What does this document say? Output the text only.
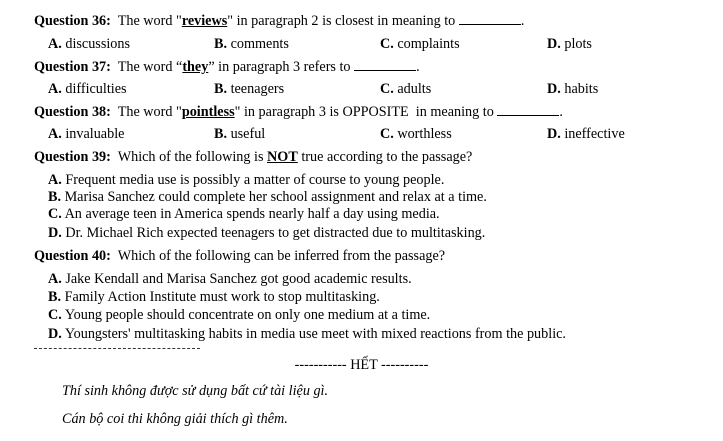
Question 36: The word "reviews" in paragraph 2 is closest in meaning to	.
A. discussions	B. comments	C. complaints	D. plots
Question 37: The word “they” in paragraph 3 refers to	.
A. difficulties	B. teenagers	C. adults	D. habits
Question 38: The word "pointless" in paragraph 3 is OPPOSITE  in meaning to	.
A. invaluable	B. useful	C. worthless	D. ineffective
Question 39: Which of the following is NOT true according to the passage?
A. Frequent media use is possibly a matter of course to young people.
B. Marisa Sanchez could complete her school assignment and relax at a time.
C. An average teen in America spends nearly half a day using media.
D. Dr. Michael Rich expected teenagers to get distracted due to multitasking.
Question 40: Which of the following can be inferred from the passage?
A. Jake Kendall and Marisa Sanchez got good academic results.
B. Family Action Institute must work to stop multitasking.
C. Young people should concentrate on only one medium at a time.
D. Youngsters' multitasking habits in media use meet with mixed reactions from the public.
----------- HẾT ----------
Thí sinh không được sử dụng bất cứ tài liệu gì.
Cán bộ coi thi không giải thích gì thêm.
